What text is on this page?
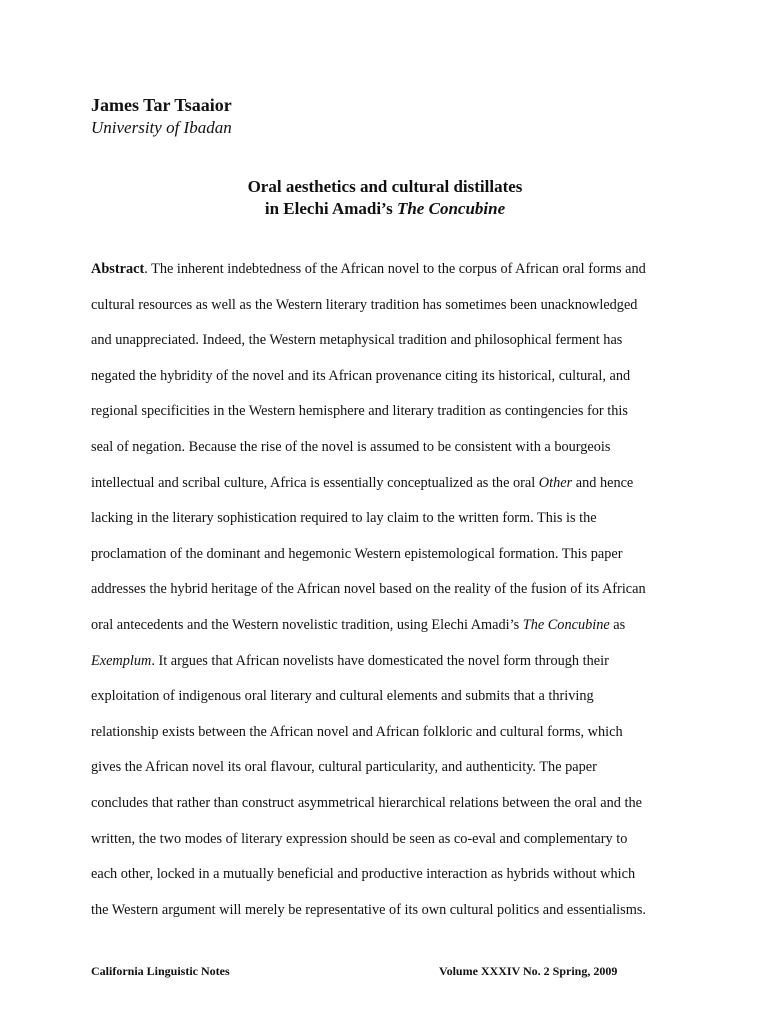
James Tar Tsaaior
University of Ibadan
Oral aesthetics and cultural distillates
in Elechi Amadi’s The Concubine
Abstract. The inherent indebtedness of the African novel to the corpus of African oral forms and
cultural resources as well as the Western literary tradition has sometimes been unacknowledged
and unappreciated. Indeed, the Western metaphysical tradition and philosophical ferment has
negated the hybridity of the novel and its African provenance citing its historical, cultural, and
regional specificities in the Western hemisphere and literary tradition as contingencies for this
seal of negation. Because the rise of the novel is assumed to be consistent with a bourgeois
intellectual and scribal culture, Africa is essentially conceptualized as the oral Other and hence
lacking in the literary sophistication required to lay claim to the written form. This is the
proclamation of the dominant and hegemonic Western epistemological formation. This paper
addresses the hybrid heritage of the African novel based on the reality of the fusion of its African
oral antecedents and the Western novelistic tradition, using Elechi Amadi’s The Concubine as
Exemplum. It argues that African novelists have domesticated the novel form through their
exploitation of indigenous oral literary and cultural elements and submits that a thriving
relationship exists between the African novel and African folkloric and cultural forms, which
gives the African novel its oral flavour, cultural particularity, and authenticity. The paper
concludes that rather than construct asymmetrical hierarchical relations between the oral and the
written, the two modes of literary expression should be seen as co-eval and complementary to
each other, locked in a mutually beneficial and productive interaction as hybrids without which
the Western argument will merely be representative of its own cultural politics and essentialisms.
California Linguistic Notes	Volume XXXIV No. 2 Spring, 2009
